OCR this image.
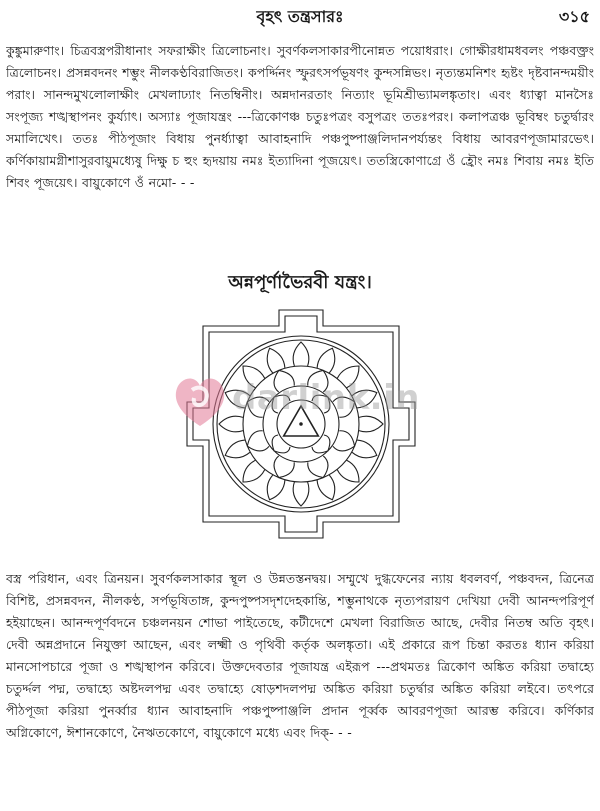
বৃহৎ তন্ত্রসারঃ	৩১৫
কুঙ্কুমারুণাং। চিত্রবস্ত্রপরীধানাং সফরাক্ষীং ত্রিলোচনাং। সুবর্ণকলসাকারপীনোন্নত পয়োধরাং। গোক্ষীরধামধবলং পঞ্চবক্ত্রং ত্রিলোচনং। প্রসন্নবদনং শম্ভুং নীলকণ্ঠবিরাজিতং। কপর্দ্দিনং স্ফুরৎসর্পভূষণং কুন্দসন্নিভং। নৃত্যন্তমনিশং হৃষ্টং দৃষ্টবানন্দময়ীং পরাং। সানন্দমুখলোলাক্ষীং মেখলাঢ্যাং নিতম্বিনীং। অন্নদানরতাং নিত্যাং ভূমিশ্রীভ্যামলঙ্কৃতাং। এবং ধ্যাত্বা মানসৈঃ সংপূজ্য শঙ্খস্থাপনং কুর্য্যাৎ। অস্যাঃ পূজাযন্ত্রং ---ত্রিকোণঞ্চ চতুঃপত্রং বসুপত্রং ততঃপরং। কলাপত্রঞ্চ ভূবিম্বং চতুর্দ্বারং সমালিখেৎ। ততঃ পীঠপূজাং বিধায় পুনর্ধ্যাত্বা আবাহনাদি পঞ্চপুষ্পাঞ্জলিদানপর্য্যন্তং বিধায় আবরণপূজামারভেৎ। কর্ণিকায়ামগ্নীশাসুরবায়ুমধ্যেষু দিক্ষু চ হুং হৃদয়ায় নমঃ ইত্যাদিনা পূজয়েৎ। ততস্ত্রিকোণাগ্রে ওঁ হ্রৌং নমঃ শিবায় নমঃ ইতি শিবং পূজয়েৎ। বায়ুকোণে ওঁ নমো- - -
অন্নপূর্ণাভৈরবী যন্ত্রং।
darlink.in
বস্ত্র পরিধান, এবং ত্রিনয়ন। সুবর্ণকলসাকার স্থূল ও উন্নতস্তনদ্বয়। সম্মুখে দুগ্ধফেনের ন্যায় ধবলবর্ণ, পঞ্চবদন, ত্রিনেত্র বিশিষ্ট, প্রসন্নবদন, নীলকণ্ঠ, সর্পভূষিতাঙ্গ, কুন্দপুষ্পসদৃশদেহকান্তি, শম্ভুনাথকে নৃত্যপরায়ণ দেখিয়া দেবী আনন্দপরিপূর্ণ হইয়াছেন। আনন্দপূর্ণবদনে চঞ্চলনয়ন শোভা পাইতেছে, কটীদেশে মেখলা বিরাজিত আছে, দেবীর নিতম্ব অতি বৃহৎ। দেবী অন্নপ্রদানে নিযুক্তা আছেন, এবং লক্ষ্মী ও পৃথিবী কর্তৃক অলঙ্কৃতা। এই প্রকারে রূপ চিন্তা করতঃ ধ্যান করিয়া মানসোপচারে পূজা ও শঙ্খস্থাপন করিবে। উক্তদেবতার পূজাযন্ত্র এইরূপ ---প্রথমতঃ ত্রিকোণ অঙ্কিত করিয়া তদ্বাহ্যে চতুর্দ্দল পদ্ম, তদ্বাহ্যে অষ্টদলপদ্ম এবং তদ্বাহ্যে ষোড়শদলপদ্ম অঙ্কিত করিয়া চতুর্দ্বার অঙ্কিত করিয়া লইবে। তৎপরে পীঠপূজা করিয়া পুনর্ব্বার ধ্যান আবাহনাদি পঞ্চপুষ্পাঞ্জলি প্রদান পূর্ব্বক আবরণপূজা আরম্ভ করিবে। কর্ণিকার অগ্নিকোণে, ঈশানকোণে, নৈঋতকোণে, বায়ুকোণে মধ্যে এবং দিক্- - -
